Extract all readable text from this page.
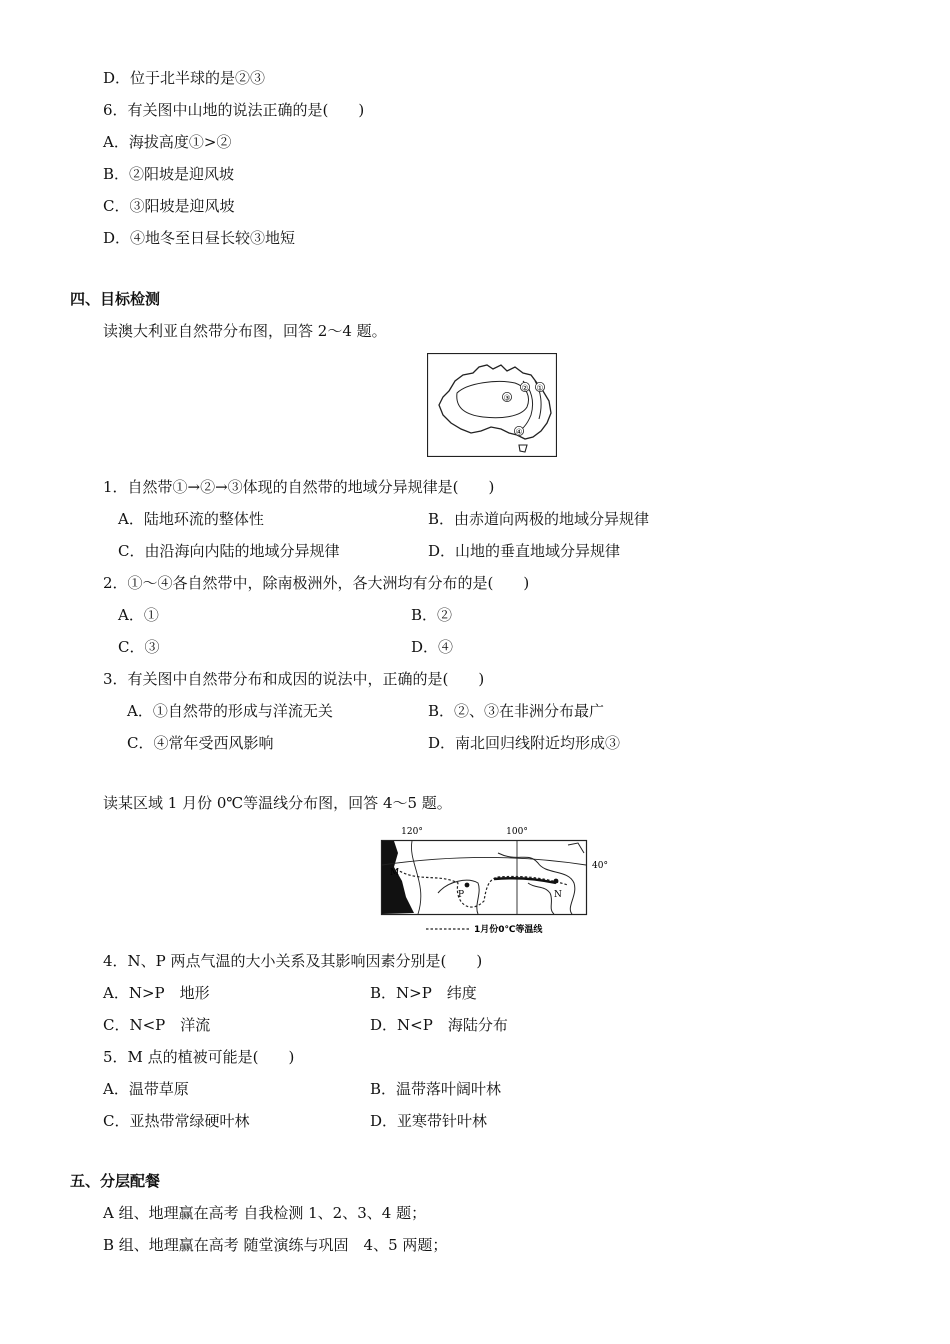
D．位于北半球的是②③
6．有关图中山地的说法正确的是(　　)
A．海拔高度①>②
B．②阳坡是迎风坡
C．③阳坡是迎风坡
D．④地冬至日昼长较③地短
四、目标检测
读澳大利亚自然带分布图，回答 2～4 题。
② ①
③
④
1．自然带①→②→③体现的自然带的地域分异规律是(　　)
A．陆地环流的整体性	B．由赤道向两极的地域分异规律
C．由沿海向内陆的地域分异规律	D．山地的垂直地域分异规律
2．①～④各自然带中，除南极洲外，各大洲均有分布的是(　　)
A．①	B．②
C．③	D．④
3．有关图中自然带分布和成因的说法中，正确的是(　　)
A．①自然带的形成与洋流无关	B．②、③在非洲分布最广
C．④常年受西风影响	D．南北回归线附近均形成③
读某区域 1 月份 0℃等温线分布图，回答 4～5 题。
120°	100°
40°
M
P	N
1月份0℃等温线
4．N、P 两点气温的大小关系及其影响因素分别是(　　)
A．N>P　地形	B．N>P　纬度
C．N<P　洋流	D．N<P　海陆分布
5．M 点的植被可能是(　　)
A．温带草原	B．温带落叶阔叶林
C．亚热带常绿硬叶林	D．亚寒带针叶林
五、分层配餐
A 组、地理赢在高考 自我检测 1、2、3、4 题；
B 组、地理赢在高考 随堂演练与巩固　4、5 两题；
